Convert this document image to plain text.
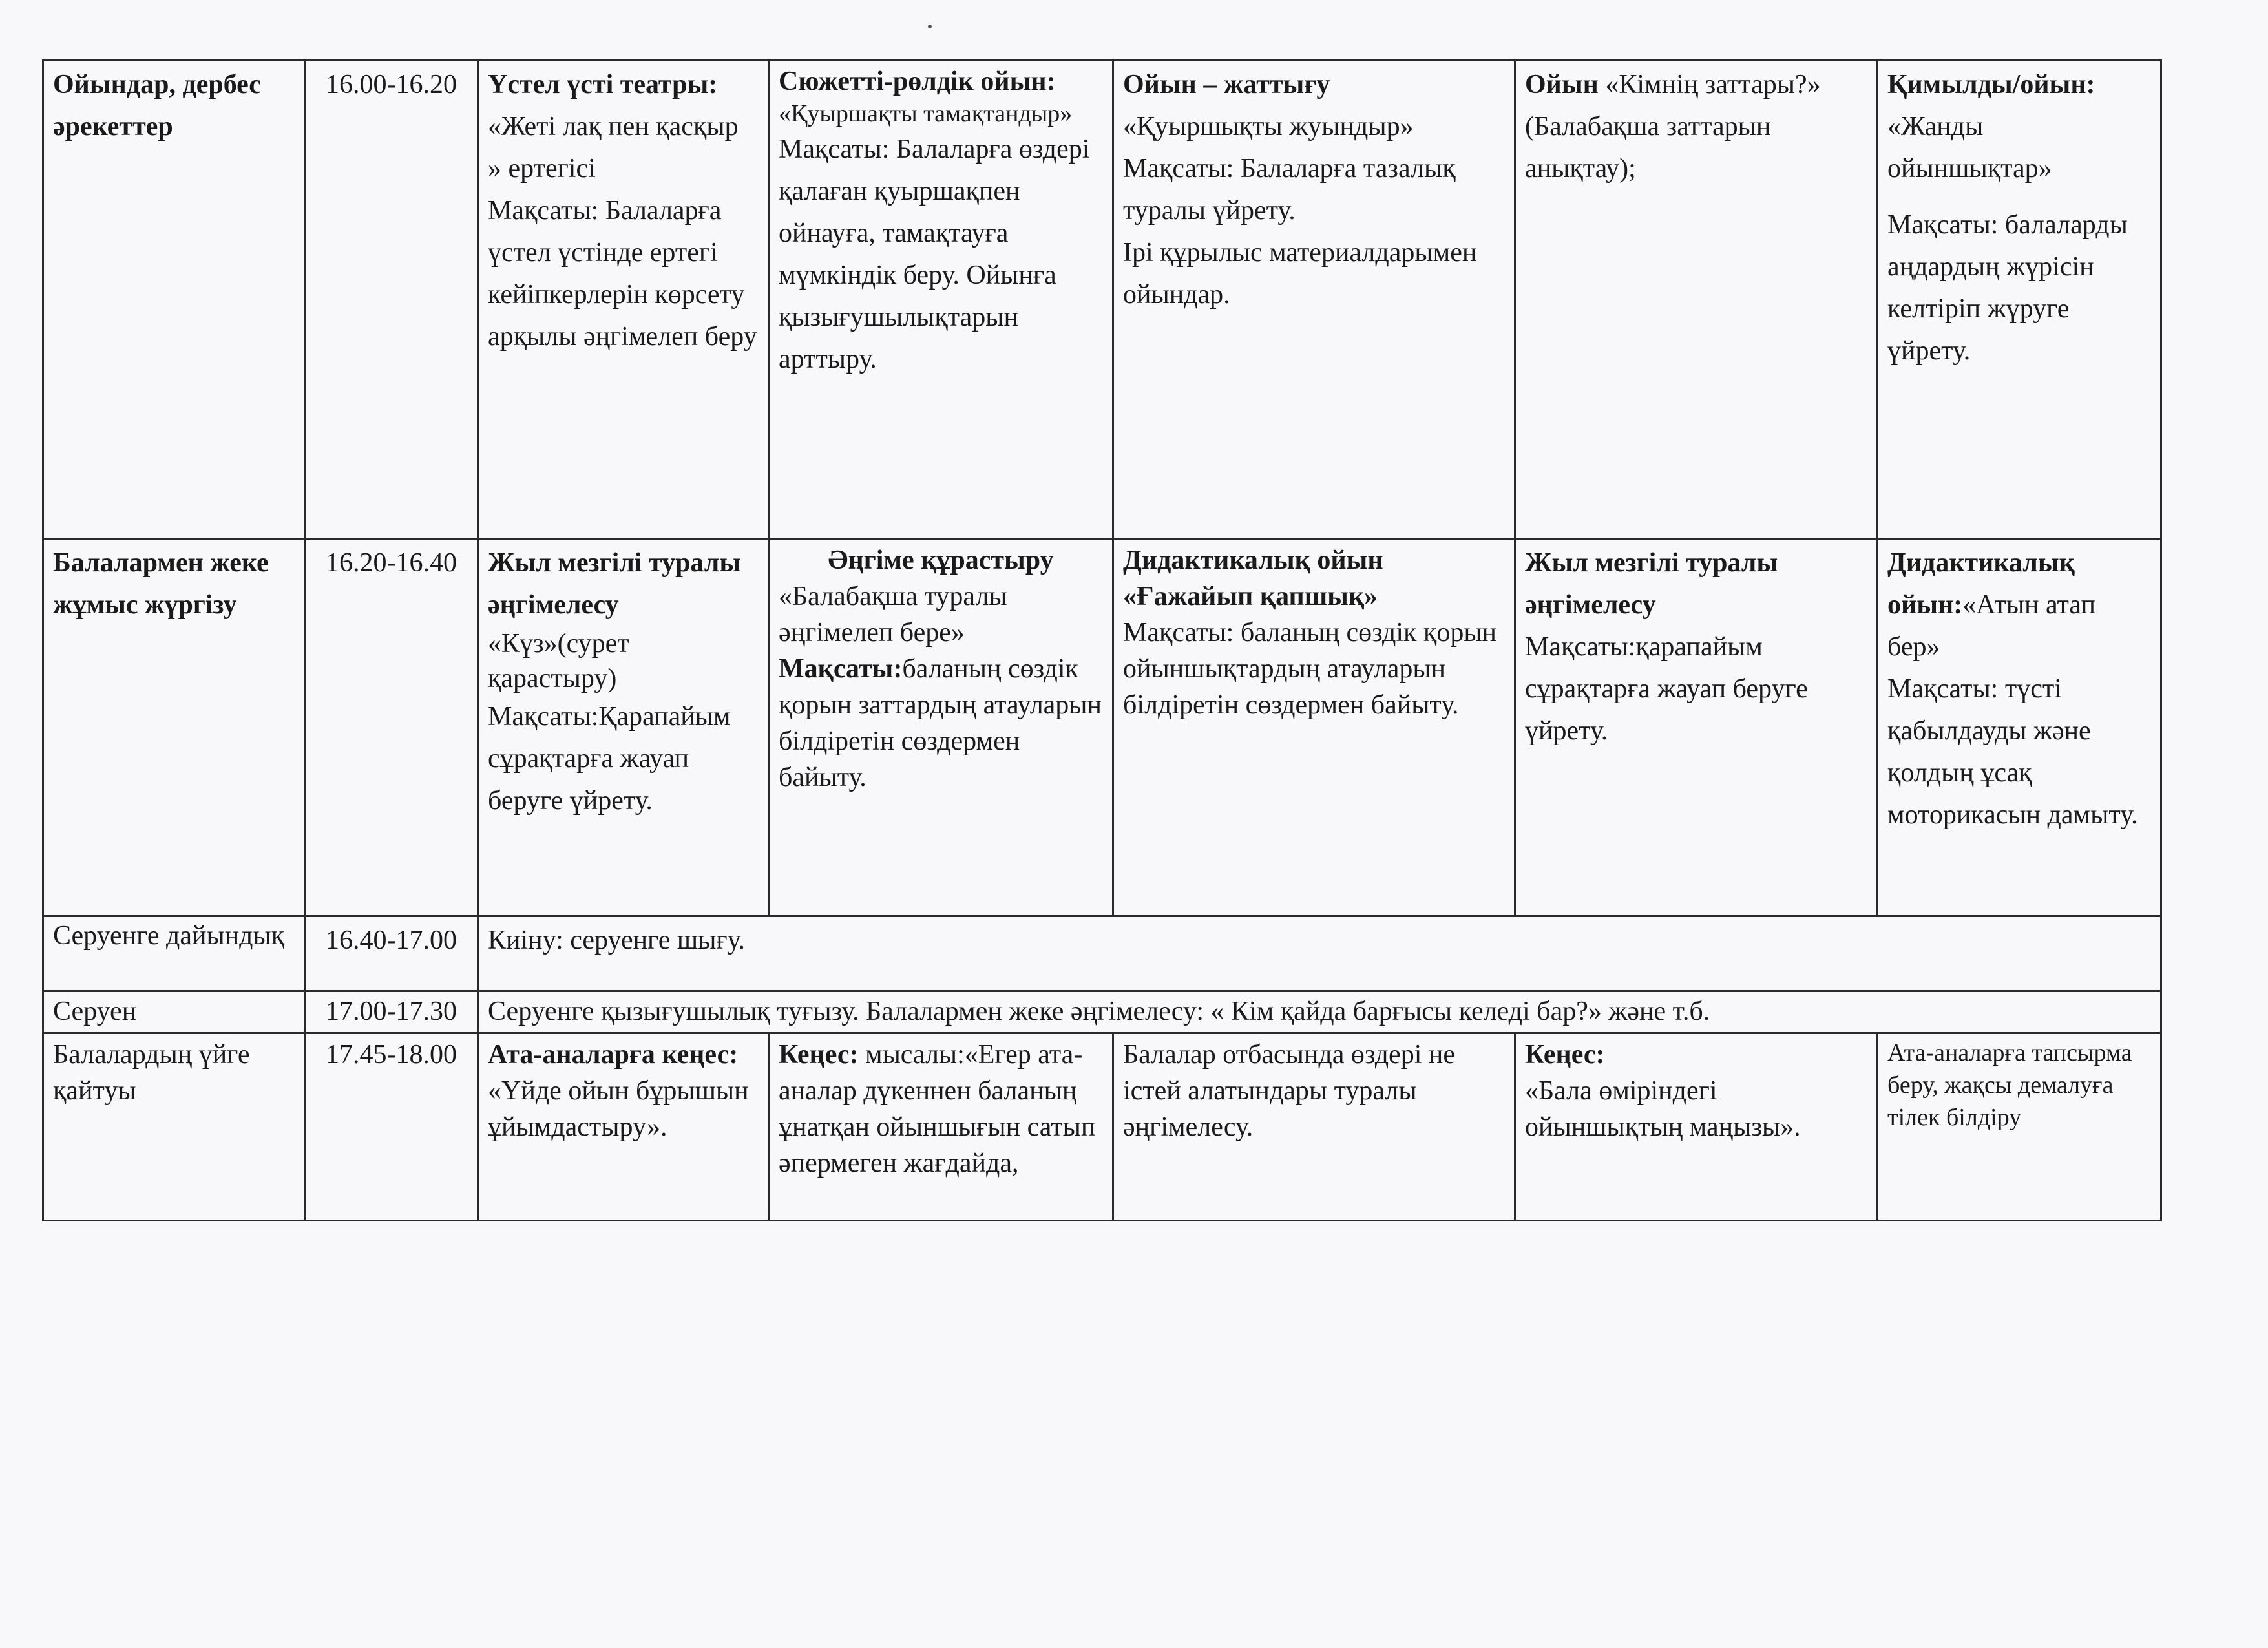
Ойындар, дербес әрекеттер	16.00-16.20	Үстел үсті театры:
«Жеті лақ пен қасқыр » ертегісі
Мақсаты: Балаларға үстел үстінде ертегі кейіпкерлерін көрсету арқылы әңгімелеп беру	Сюжетті-рөлдік ойын:
«Қуыршақты тамақтандыр»
Мақсаты: Балаларға өздері қалаған қуыршақпен ойнауға, тамақтауға мүмкіндік беру. Ойынға қызығушылықтарын арттыру.	Ойын – жаттығу
«Қуыршықты жуындыр»
Мақсаты: Балаларға тазалық туралы үйрету.
Ірі құрылыс материалдарымен ойындар.	Ойын «Кімнің заттары?» (Балабақша заттарын анықтау);	Қимылды/ойын:
«Жанды ойыншықтар»
Мақсаты: балаларды аңдардың жүрісін келтіріп жүруге үйрету.

Балалармен жеке жұмыс жүргізу	16.20-16.40	Жыл мезгілі туралы әңгімелесу
«Күз»(сурет қарастыру)
Мақсаты:Қарапайым сұрақтарға жауап беруге үйрету.	Әңгіме құрастыру
«Балабақша туралы әңгімелеп бере»
Мақсаты:баланың сөздік қорын заттардың атауларын білдіретін сөздермен байыту.	Дидактикалық ойын «Ғажайып қапшық»
Мақсаты: баланың сөздік қорын ойыншықтардың атауларын білдіретін сөздермен байыту.	Жыл мезгілі туралы әңгімелесу
Мақсаты:қарапайым сұрақтарға жауап беруге үйрету.	Дидактикалық ойын:«Атын атап бер»
Мақсаты: түсті қабылдауды және қолдың ұсақ моторикасын дамыту.

Серуенге дайындық	16.40-17.00	Киіну: серуенге шығу.				
Серуен	17.00-17.30	Серуенге қызығушылық туғызу. Балалармен жеке әңгімелесу: « Кім қайда барғысы келеді бар?» және т.б.				
Балалардың үйге қайтуы	17.45-18.00	Ата-аналарға кеңес:
«Үйде ойын бұрышын ұйымдастыру».	Кеңес: мысалы:«Егер ата-аналар дүкеннен баланың ұнатқан ойыншығын сатып әпермеген жағдайда,	Балалар отбасында өздері не істей алатындары туралы әңгімелесу.	Кеңес:
«Бала өміріндегі ойыншықтың маңызы».	Ата-аналарға тапсырма беру, жақсы демалуға тілек білдіру
